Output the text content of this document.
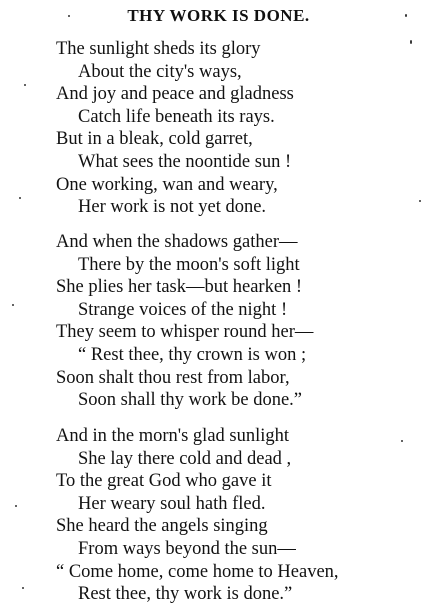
THY WORK IS DONE.
The sunlight sheds its glory
About the city's ways,
And joy and peace and gladness
Catch life beneath its rays.
But in a bleak, cold garret,
What sees the noontide sun !
One working, wan and weary,
Her work is not yet done.
And when the shadows gather—
There by the moon's soft light
She plies her task—but hearken !
Strange voices of the night !
They seem to whisper round her—
“ Rest thee, thy crown is won ;
Soon shalt thou rest from labor,
Soon shall thy work be done.”
And in the morn's glad sunlight
She lay there cold and dead ,
To the great God who gave it
Her weary soul hath fled.
She heard the angels singing
From ways beyond the sun—
“ Come home, come home to Heaven,
Rest thee, thy work is done.”
